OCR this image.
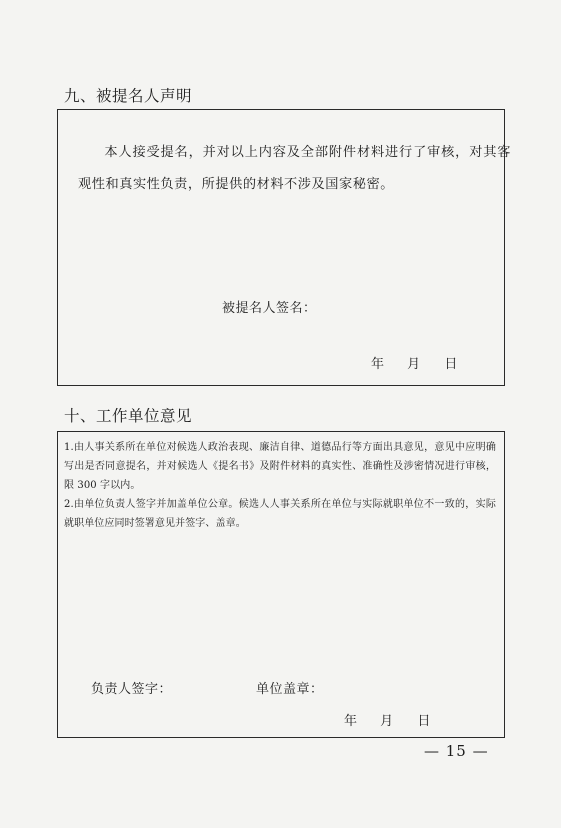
九、被提名人声明

本人接受提名，并对以上内容及全部附件材料进行了审核，对其客观性和真实性负责，所提供的材料不涉及国家秘密。

被提名人签名：
年 月 日
十、工作单位意见

1.由人事关系所在单位对候选人政治表现、廉洁自律、道德品行等方面出具意见，意见中应明确写出是否同意提名，并对候选人《提名书》及附件材料的真实性、准确性及涉密情况进行审核，限 300 字以内。

2.由单位负责人签字并加盖单位公章。候选人人事关系所在单位与实际就职单位不一致的，实际就职单位应同时签署意见并签字、盖章。

负责人签字：	单位盖章：
年 月 日
— 15 —
